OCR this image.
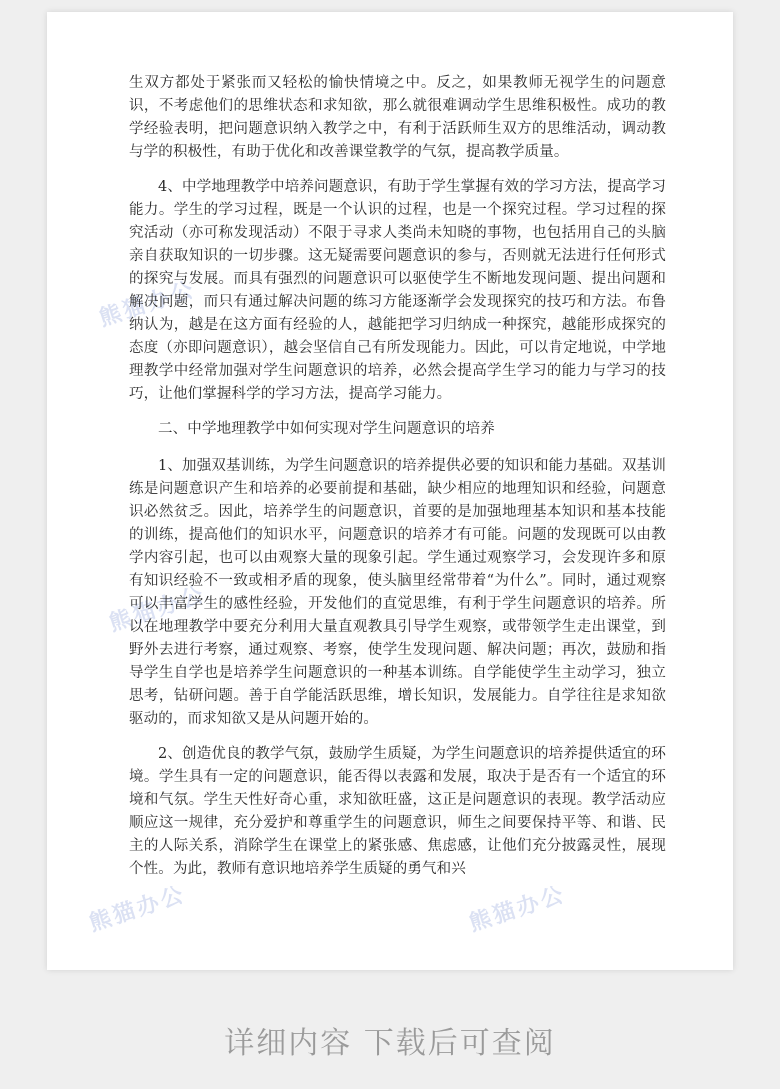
熊猫办公
熊猫办公
熊猫办公	熊猫办公

生双方都处于紧张而又轻松的愉快情境之中。反之，如果教师无视学生的问题意识，不考虑他们的思维状态和求知欲，那么就很难调动学生思维积极性。成功的教学经验表明，把问题意识纳入教学之中，有利于活跃师生双方的思维活动，调动教与学的积极性，有助于优化和改善课堂教学的气氛，提高教学质量。

4、中学地理教学中培养问题意识，有助于学生掌握有效的学习方法，提高学习能力。学生的学习过程，既是一个认识的过程，也是一个探究过程。学习过程的探究活动（亦可称发现活动）不限于寻求人类尚未知晓的事物，也包括用自己的头脑亲自获取知识的一切步骤。这无疑需要问题意识的参与，否则就无法进行任何形式的探究与发展。而具有强烈的问题意识可以驱使学生不断地发现问题、提出问题和解决问题，而只有通过解决问题的练习方能逐渐学会发现探究的技巧和方法。布鲁纳认为，越是在这方面有经验的人，越能把学习归纳成一种探究，越能形成探究的态度（亦即问题意识），越会坚信自己有所发现能力。因此，可以肯定地说，中学地理教学中经常加强对学生问题意识的培养，必然会提高学生学习的能力与学习的技巧，让他们掌握科学的学习方法，提高学习能力。

二、中学地理教学中如何实现对学生问题意识的培养

1、加强双基训练，为学生问题意识的培养提供必要的知识和能力基础。双基训练是问题意识产生和培养的必要前提和基础，缺少相应的地理知识和经验，问题意识必然贫乏。因此，培养学生的问题意识，首要的是加强地理基本知识和基本技能的训练，提高他们的知识水平，问题意识的培养才有可能。问题的发现既可以由教学内容引起，也可以由观察大量的现象引起。学生通过观察学习，会发现许多和原有知识经验不一致或相矛盾的现象，使头脑里经常带着“为什么”。同时，通过观察可以丰富学生的感性经验，开发他们的直觉思维，有利于学生问题意识的培养。所以在地理教学中要充分利用大量直观教具引导学生观察，或带领学生走出课堂，到野外去进行考察，通过观察、考察，使学生发现问题、解决问题；再次，鼓励和指导学生自学也是培养学生问题意识的一种基本训练。自学能使学生主动学习，独立思考，钻研问题。善于自学能活跃思维，增长知识，发展能力。自学往往是求知欲驱动的，而求知欲又是从问题开始的。

2、创造优良的教学气氛，鼓励学生质疑，为学生问题意识的培养提供适宜的环境。学生具有一定的问题意识，能否得以表露和发展，取决于是否有一个适宜的环境和气氛。学生天性好奇心重，求知欲旺盛，这正是问题意识的表现。教学活动应顺应这一规律，充分爱护和尊重学生的问题意识，师生之间要保持平等、和谐、民主的人际关系，消除学生在课堂上的紧张感、焦虑感，让他们充分披露灵性，展现个性。为此，教师有意识地培养学生质疑的勇气和兴

详细内容 下载后可查阅
